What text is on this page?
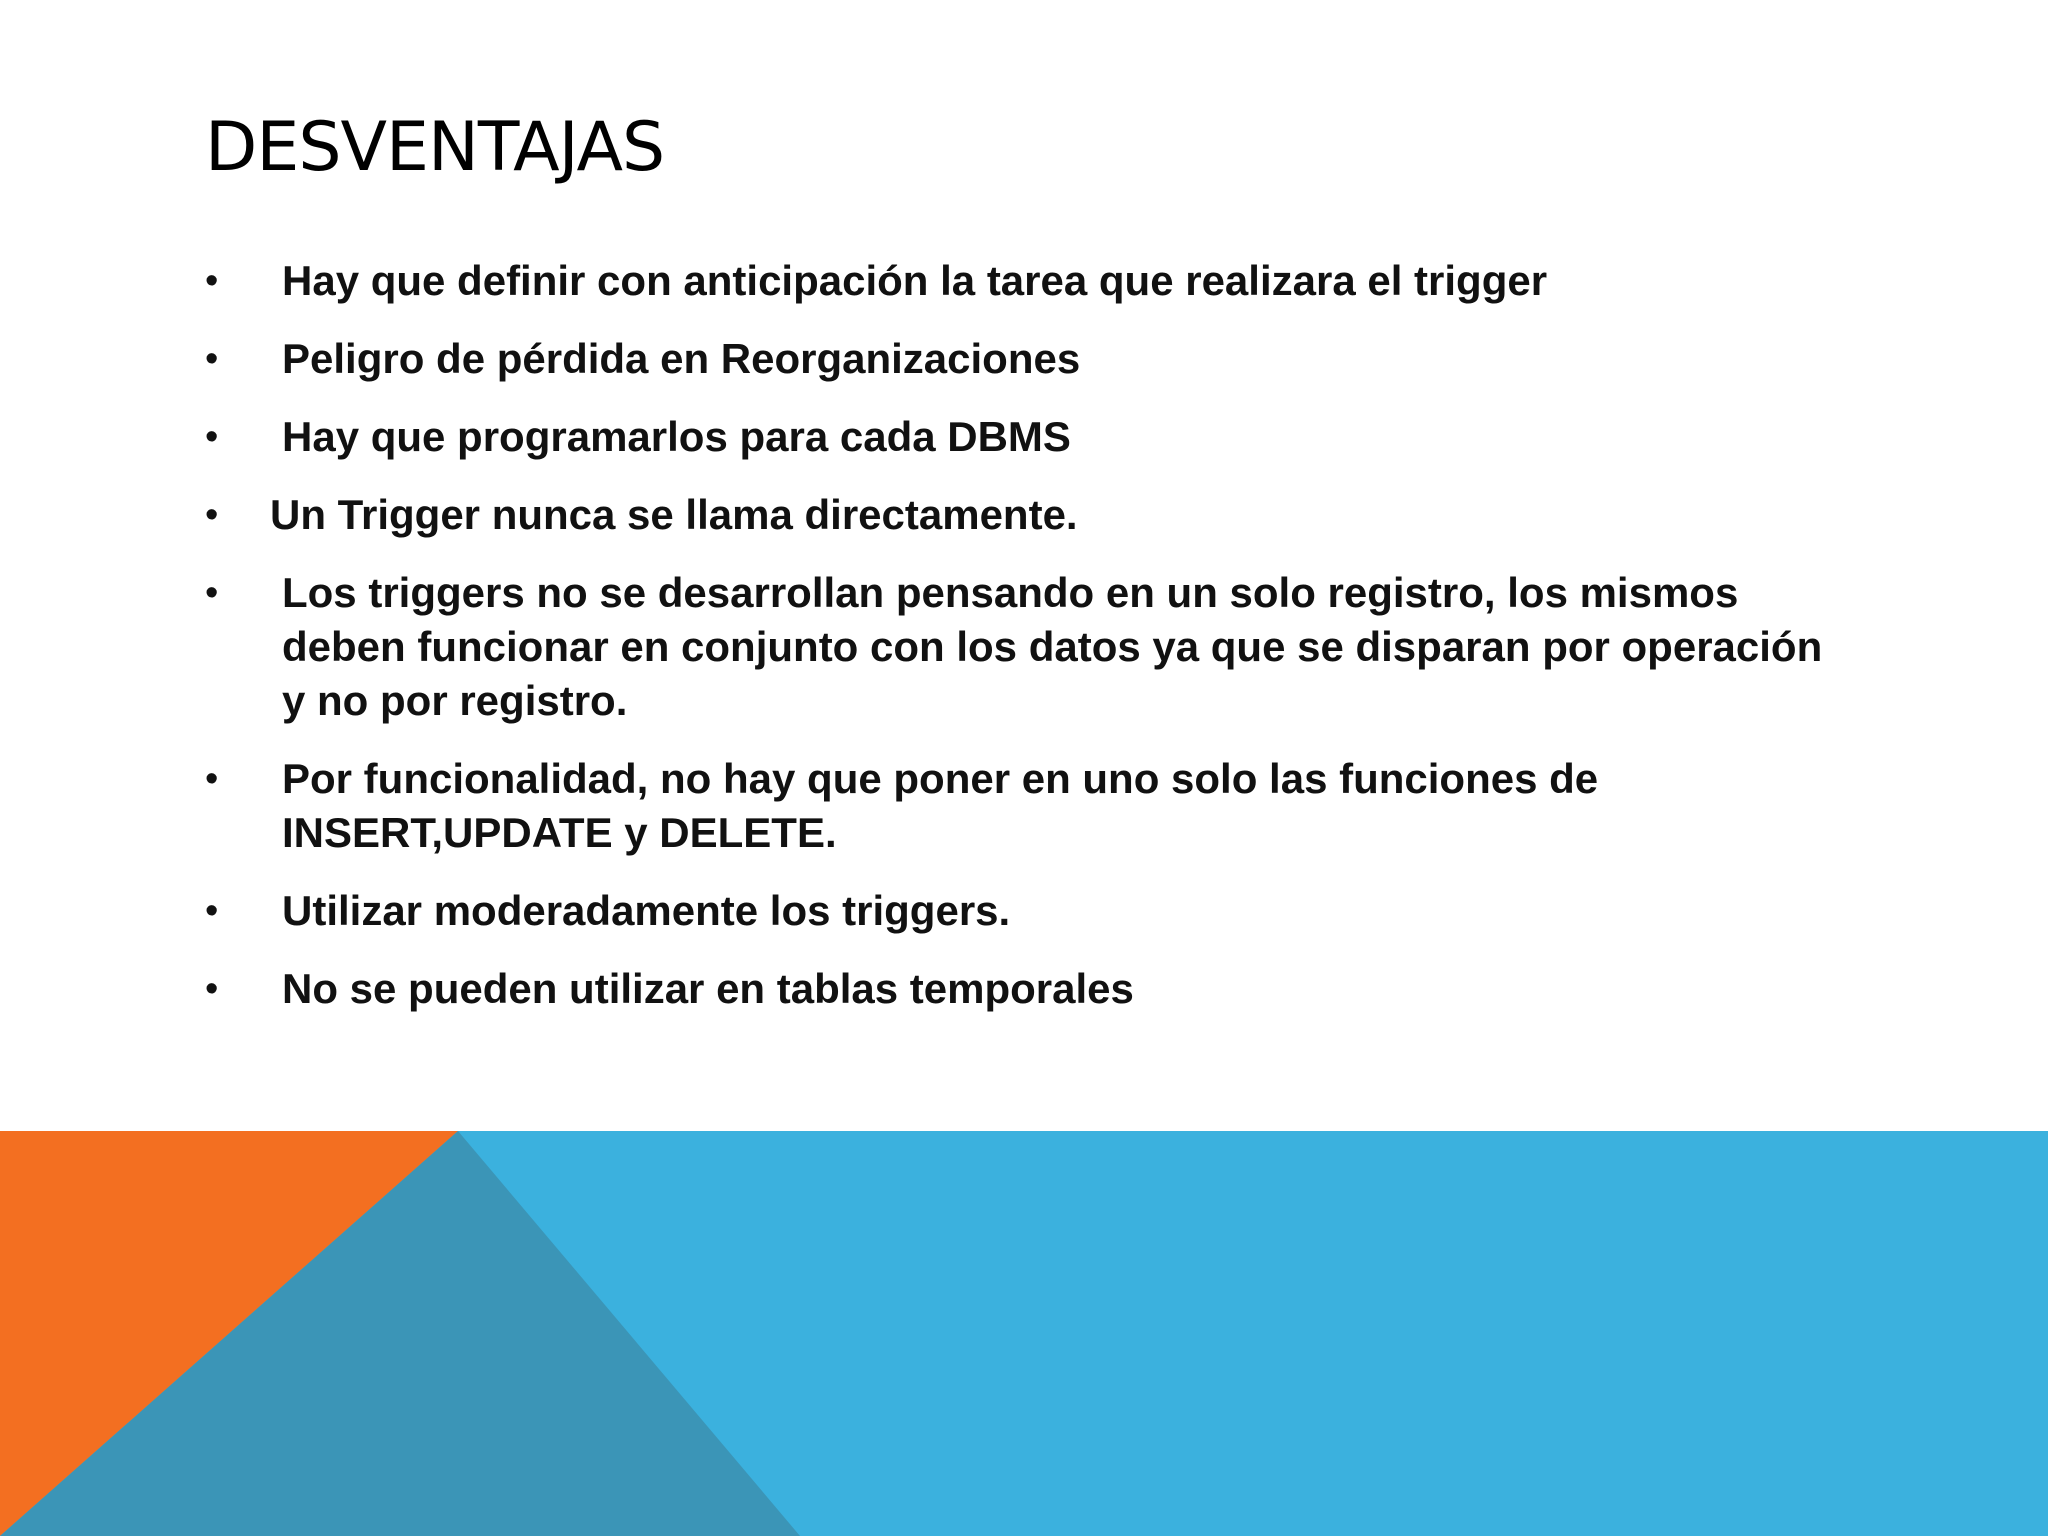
DESVENTAJAS
• Hay que definir con anticipación la tarea que realizara el trigger
• Peligro de pérdida en Reorganizaciones
• Hay que programarlos para cada DBMS
• Un Trigger nunca se llama directamente.
• Los triggers no se desarrollan pensando en un solo registro, los mismos deben funcionar en conjunto con los datos ya que se disparan por operación y no por registro.
• Por funcionalidad, no hay que poner en uno solo las funciones de INSERT,UPDATE y DELETE.
• Utilizar moderadamente los triggers.
• No se pueden utilizar en tablas temporales
